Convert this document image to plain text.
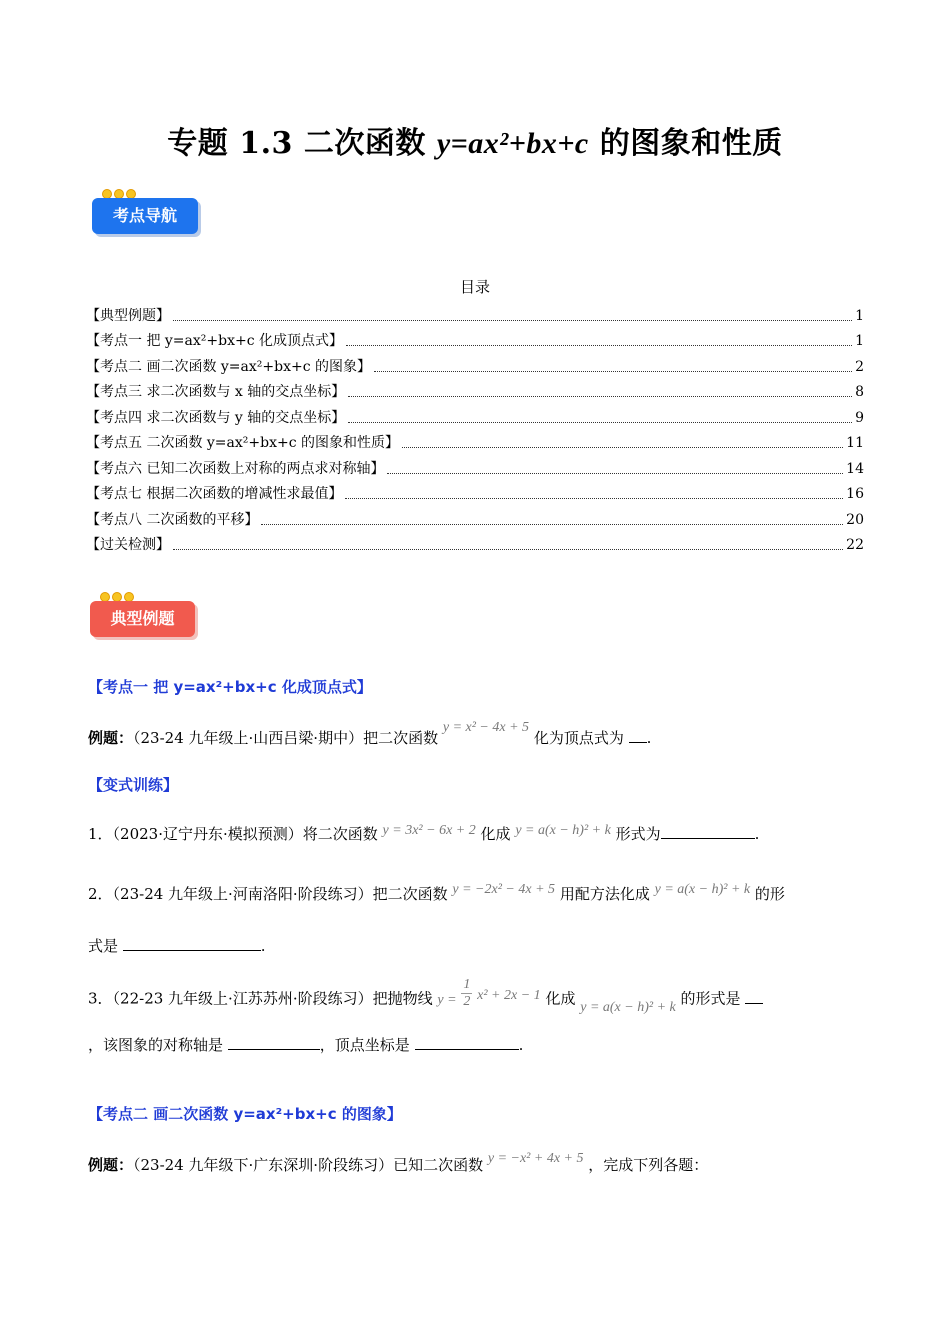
专题 1.3 二次函数 y=ax²+bx+c 的图象和性质
考点导航
目录
【典型例题】	1
【考点一 把 y=ax²+bx+c 化成顶点式】	1
【考点二 画二次函数 y=ax²+bx+c 的图象】	2
【考点三 求二次函数与 x 轴的交点坐标】	8
【考点四 求二次函数与 y 轴的交点坐标】	9
【考点五 二次函数 y=ax²+bx+c 的图象和性质】	11
【考点六 已知二次函数上对称的两点求对称轴】	14
【考点七 根据二次函数的增减性求最值】	16
【考点八 二次函数的平移】	20
【过关检测】	22
典型例题
【考点一 把 y=ax²+bx+c 化成顶点式】
例题：（23-24 九年级上·山西吕梁·期中）把二次函数 y = x² − 4x + 5 化为顶点式为 .
【变式训练】
1．（2023·辽宁丹东·模拟预测）将二次函数 y = 3x² − 6x + 2 化成 y = a(x − h)² + k 形式为	.
2．（23-24 九年级上·河南洛阳·阶段练习）把二次函数 y = −2x² − 4x + 5 用配方法化成 y = a(x − h)² + k 的形
式是	.
3．（22-23 九年级上·江苏苏州·阶段练习）把抛物线 $y = \frac{1}{2} x^2 + 2x - 1$ 化成 y = a(x − h)² + k 的形式是
，该图象的对称轴是	，顶点坐标是	.
【考点二 画二次函数 y=ax²+bx+c 的图象】
例题：（23-24 九年级下·广东深圳·阶段练习）已知二次函数 y = −x² + 4x + 5 ，完成下列各题：
